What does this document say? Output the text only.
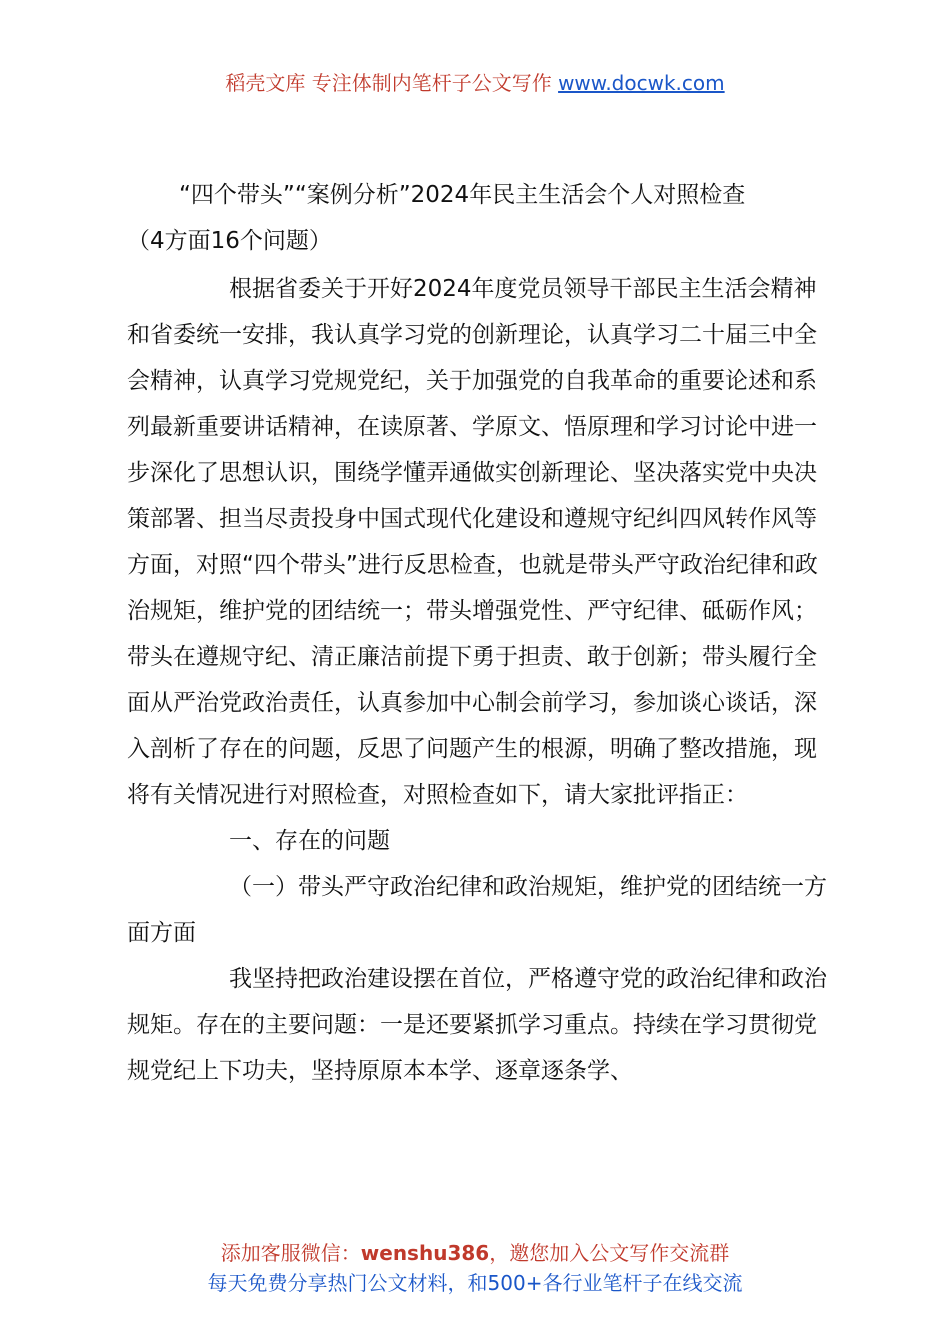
稻壳文库 专注体制内笔杆子公文写作 www.docwk.com
“四个带头”“案例分析”2024年民主生活会个人对照检查
（4方面16个问题）

根据省委关于开好2024年度党员领导干部民主生活会精神和省委统一安排，我认真学习党的创新理论，认真学习二十届三中全会精神，认真学习党规党纪，关于加强党的自我革命的重要论述和系列最新重要讲话精神，在读原著、学原文、悟原理和学习讨论中进一步深化了思想认识，围绕学懂弄通做实创新理论、坚决落实党中央决策部署、担当尽责投身中国式现代化建设和遵规守纪纠四风转作风等方面，对照“四个带头”进行反思检查，也就是带头严守政治纪律和政治规矩，维护党的团结统一；带头增强党性、严守纪律、砥砺作风；带头在遵规守纪、清正廉洁前提下勇于担责、敢于创新；带头履行全面从严治党政治责任，认真参加中心制会前学习，参加谈心谈话，深入剖析了存在的问题，反思了问题产生的根源，明确了整改措施，现将有关情况进行对照检查，对照检查如下，请大家批评指正：

一、存在的问题

（一）带头严守政治纪律和政治规矩，维护党的团结统一方面方面

我坚持把政治建设摆在首位，严格遵守党的政治纪律和政治规矩。存在的主要问题：一是还要紧抓学习重点。持续在学习贯彻党规党纪上下功夫，坚持原原本本学、逐章逐条学、

添加客服微信：wenshu386，邀您加入公文写作交流群
每天免费分享热门公文材料，和500+各行业笔杆子在线交流
